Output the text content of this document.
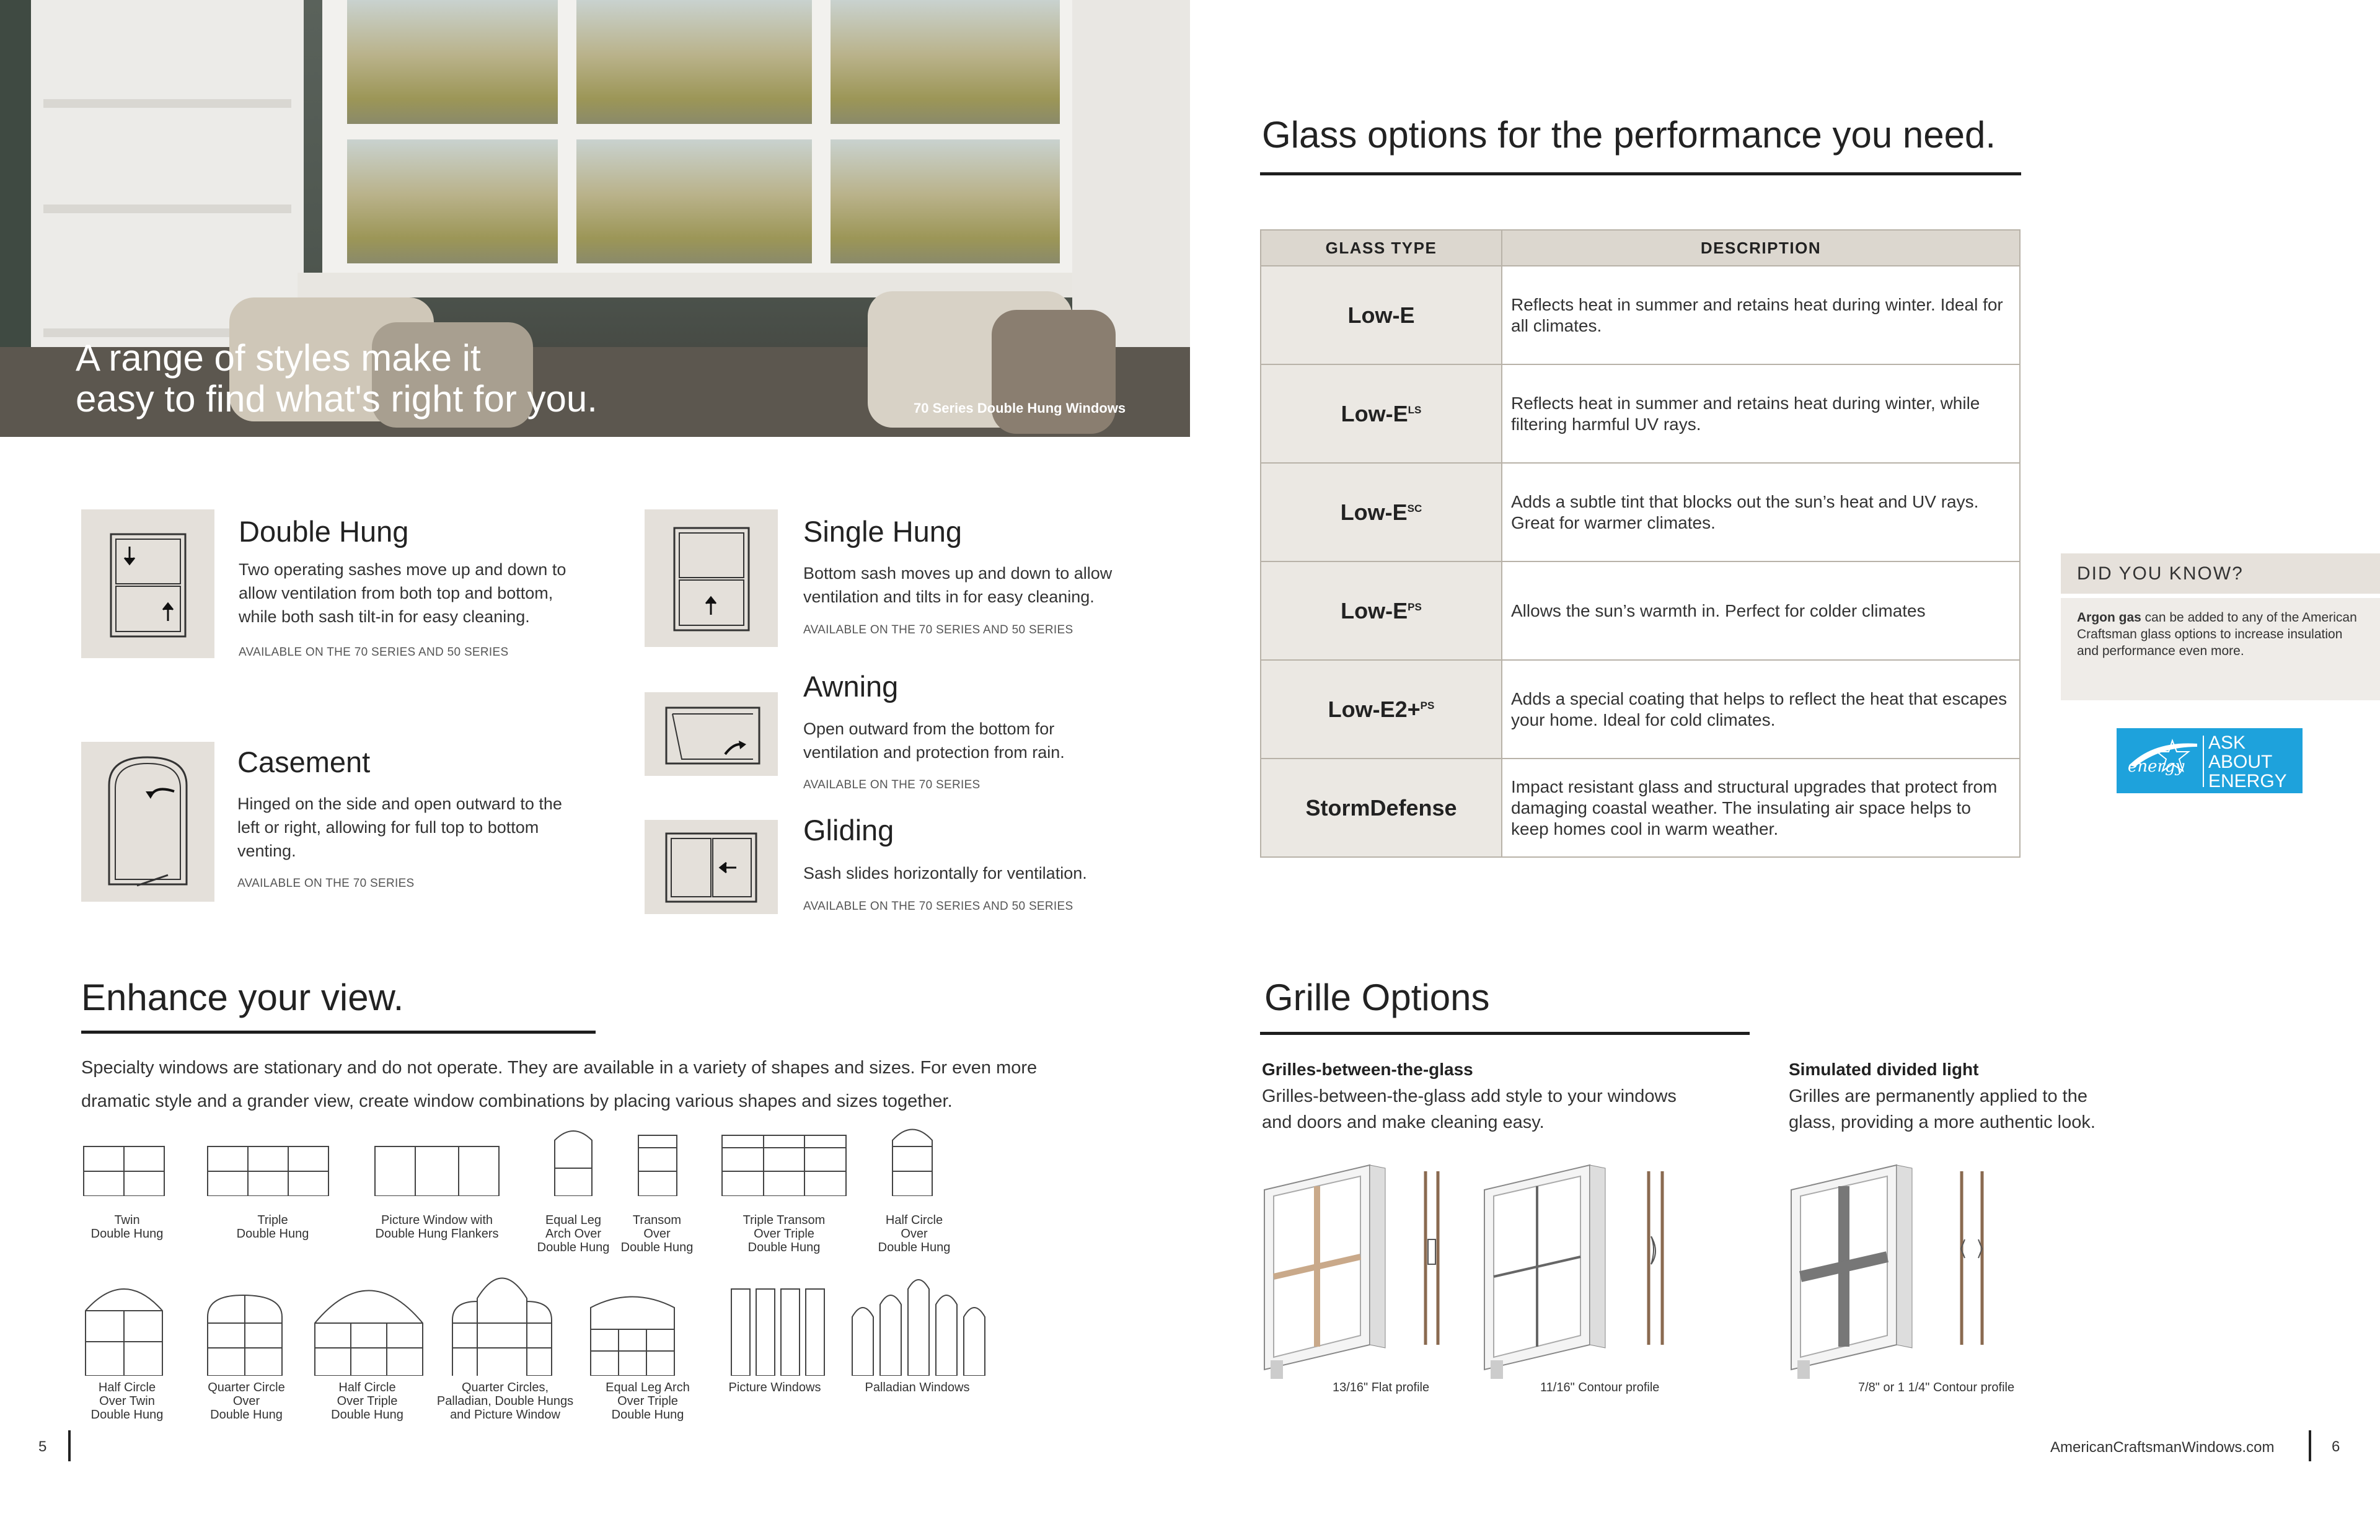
A range of styles make it
easy to find what's right for you.	70 Series Double Hung Windows
Double Hung
Two operating sashes move up and down to allow ventilation from both top and bottom, while both sash tilt-in for easy cleaning.
AVAILABLE ON THE 70 SERIES AND 50 SERIES
Casement
Hinged on the side and open outward to the left or right, allowing for full top to bottom venting.
AVAILABLE ON THE 70 SERIES
Single Hung
Bottom sash moves up and down to allow ventilation and tilts in for easy cleaning.
AVAILABLE ON THE 70 SERIES AND 50 SERIES
Awning
Open outward from the bottom for ventilation and protection from rain.
AVAILABLE ON THE 70 SERIES
Gliding
Sash slides horizontally for ventilation.
AVAILABLE ON THE 70 SERIES AND 50 SERIES
Enhance your view.
Specialty windows are stationary and do not operate. They are available in a variety of shapes and sizes. For even more dramatic style and a grander view, create window combinations by placing various shapes and sizes together.
Twin
Double Hung
Triple
Double Hung
Picture Window with
Double Hung Flankers
Equal Leg
Arch Over
Double Hung
Transom
Over
Double Hung
Triple Transom
Over Triple
Double Hung
Half Circle
Over
Double Hung
Half Circle
Over Twin
Double Hung
Quarter Circle
Over
Double Hung
Half Circle
Over Triple
Double Hung
Quarter Circles,
Palladian, Double Hungs
and Picture Window
Equal Leg Arch
Over Triple
Double Hung
Picture Windows	Palladian Windows
Glass options for the performance you need.
GLASS TYPE	DESCRIPTION
Low-E	Reflects heat in summer and retains heat during winter. Ideal for all climates.
Low-$E^{LS}$	Reflects heat in summer and retains heat during winter, while filtering harmful UV rays.
Low-$E^{SC}$	Adds a subtle tint that blocks out the sun’s heat and UV rays. Great for warmer climates.
Low-$E^{PS}$	Allows the sun’s warmth in. Perfect for colder climates
Low-E2+$^{PS}$	Adds a special coating that helps to reflect the heat that escapes your home. Ideal for cold climates.
StormDefense	Impact resistant glass and structural upgrades that protect from damaging coastal weather. The insulating air space helps to keep homes cool in warm weather.
DID YOU KNOW?
Argon gas can be added to any of the American Craftsman glass options to increase insulation and performance even more.
energy
ASK ABOUT
ENERGY
STAR
Grille Options
Grilles-between-the-glass
Grilles-between-the-glass add style to your windows and doors and make cleaning easy.
Simulated divided light
Grilles are permanently applied to the glass, providing a more authentic look.
13/16" Flat profile	11/16" Contour profile	7/8" or 1 1/4" Contour profile
5	AmericanCraftsmanWindows.com	6
